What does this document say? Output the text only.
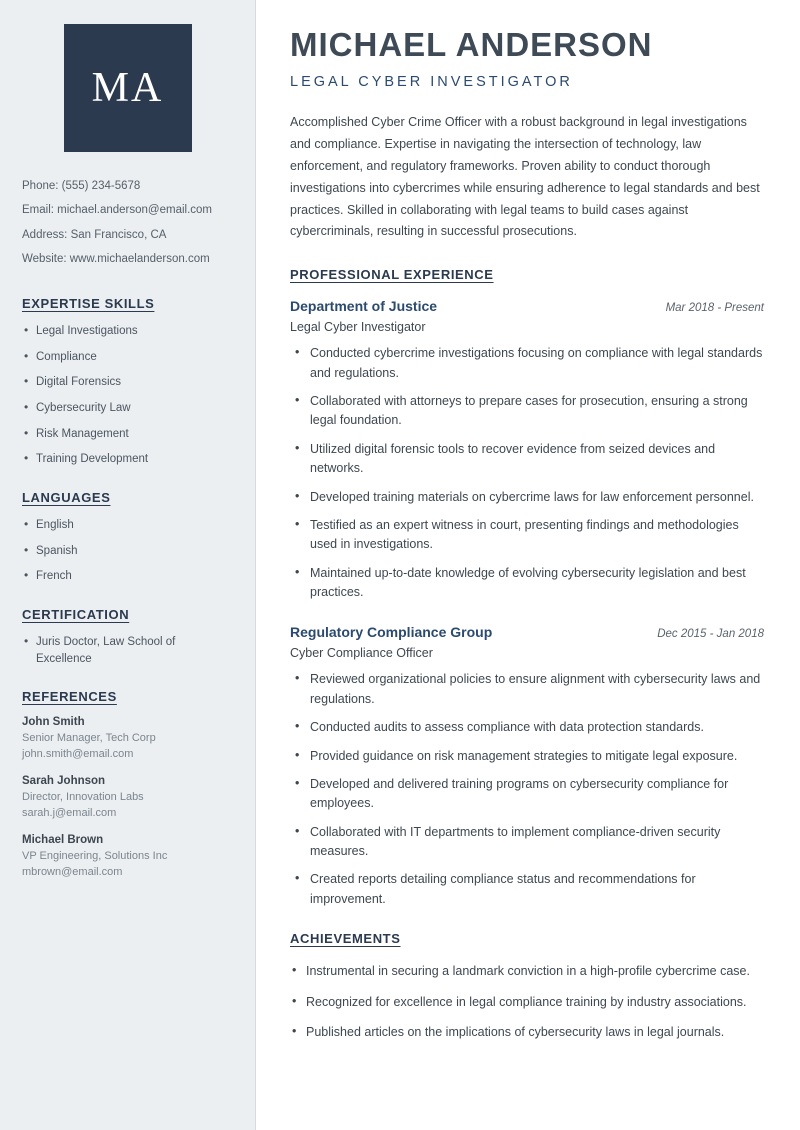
MA
Phone: (555) 234-5678
Email: michael.anderson@email.com
Address: San Francisco, CA
Website: www.michaelanderson.com
EXPERTISE SKILLS
• Legal Investigations
• Compliance
• Digital Forensics
• Cybersecurity Law
• Risk Management
• Training Development
LANGUAGES
• English
• Spanish
• French
CERTIFICATION
• Juris Doctor, Law School of Excellence
REFERENCES
John Smith
Senior Manager, Tech Corp
john.smith@email.com
Sarah Johnson
Director, Innovation Labs
sarah.j@email.com
Michael Brown
VP Engineering, Solutions Inc
mbrown@email.com
MICHAEL ANDERSON
LEGAL CYBER INVESTIGATOR

Accomplished Cyber Crime Officer with a robust background in legal investigations and compliance. Expertise in navigating the intersection of technology, law enforcement, and regulatory frameworks. Proven ability to conduct thorough investigations into cybercrimes while ensuring adherence to legal standards and best practices. Skilled in collaborating with legal teams to build cases against cybercriminals, resulting in successful prosecutions.

PROFESSIONAL EXPERIENCE
Department of Justice	Mar 2018 - Present
Legal Cyber Investigator
• Conducted cybercrime investigations focusing on compliance with legal standards and regulations.
• Collaborated with attorneys to prepare cases for prosecution, ensuring a strong legal foundation.
• Utilized digital forensic tools to recover evidence from seized devices and networks.
• Developed training materials on cybercrime laws for law enforcement personnel.
• Testified as an expert witness in court, presenting findings and methodologies used in investigations.
• Maintained up-to-date knowledge of evolving cybersecurity legislation and best practices.
Regulatory Compliance Group	Dec 2015 - Jan 2018
Cyber Compliance Officer
• Reviewed organizational policies to ensure alignment with cybersecurity laws and regulations.
• Conducted audits to assess compliance with data protection standards.
• Provided guidance on risk management strategies to mitigate legal exposure.
• Developed and delivered training programs on cybersecurity compliance for employees.
• Collaborated with IT departments to implement compliance-driven security measures.
• Created reports detailing compliance status and recommendations for improvement.
ACHIEVEMENTS
• Instrumental in securing a landmark conviction in a high-profile cybercrime case.
• Recognized for excellence in legal compliance training by industry associations.
• Published articles on the implications of cybersecurity laws in legal journals.
